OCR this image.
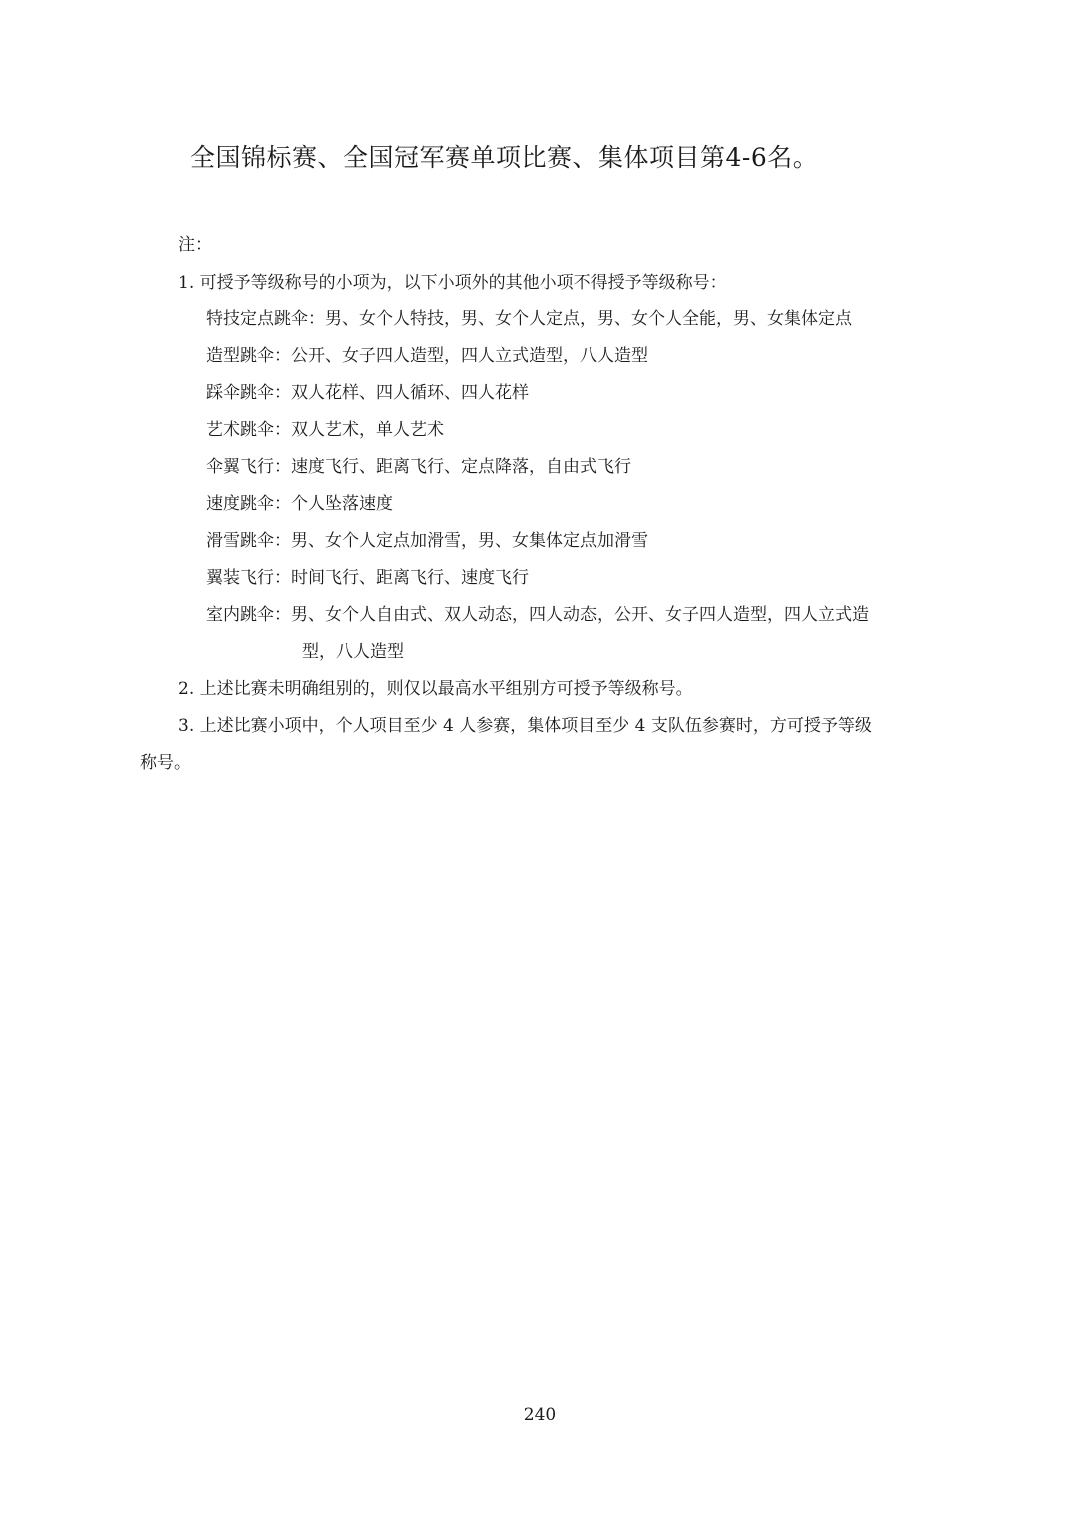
全国锦标赛、全国冠军赛单项比赛、集体项目第4-6名。
注：
1. 可授予等级称号的小项为，以下小项外的其他小项不得授予等级称号：
特技定点跳伞：男、女个人特技，男、女个人定点，男、女个人全能，男、女集体定点
造型跳伞：公开、女子四人造型，四人立式造型，八人造型
踩伞跳伞：双人花样、四人循环、四人花样
艺术跳伞：双人艺术，单人艺术
伞翼飞行：速度飞行、距离飞行、定点降落，自由式飞行
速度跳伞：个人坠落速度
滑雪跳伞：男、女个人定点加滑雪，男、女集体定点加滑雪
翼装飞行：时间飞行、距离飞行、速度飞行
室内跳伞：男、女个人自由式、双人动态，四人动态，公开、女子四人造型，四人立式造
型，八人造型
2. 上述比赛未明确组别的，则仅以最高水平组别方可授予等级称号。
3. 上述比赛小项中，个人项目至少 4 人参赛，集体项目至少 4 支队伍参赛时，方可授予等级
称号。
240
